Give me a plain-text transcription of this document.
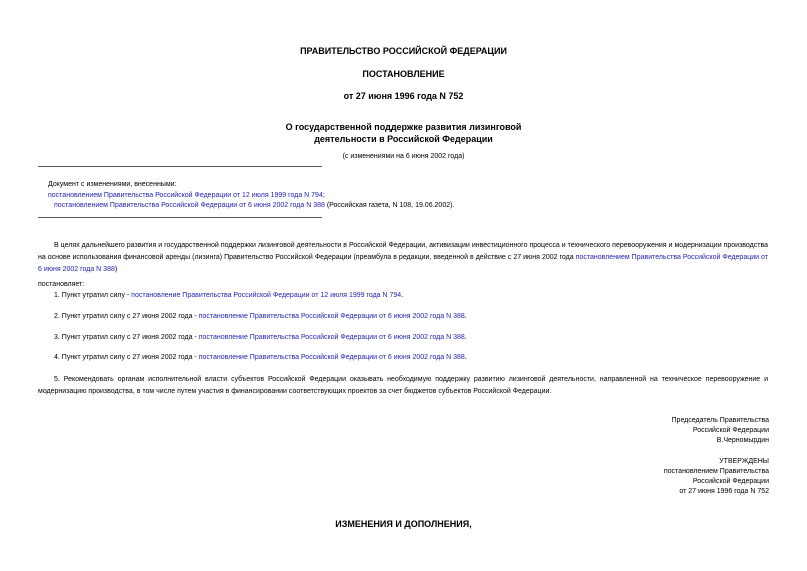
ПРАВИТЕЛЬСТВО РОССИЙСКОЙ ФЕДЕРАЦИИ
ПОСТАНОВЛЕНИЕ
от 27 июня 1996 года N 752
О государственной поддержке развития лизинговой
деятельности в Российской Федерации
(с изменениями на 6 июня 2002 года)
Документ с изменениями, внесенными:
постановлением Правительства Российской Федерации от 12 июля 1999 года N 794;
постановлением Правительства Российской Федерации от 6 июня 2002 года N 388 (Российская газета, N 108, 19.06.2002).
В целях дальнейшего развития и государственной поддержки лизинговой деятельности в Российской Федерации, активизации инвестиционного процесса и технического перевооружения и модернизации производства на основе использования финансовой аренды (лизинга) Правительство Российской Федерации (преамбула в редакции, введенной в действие с 27 июня 2002 года постановлением Правительства Российской Федерации от 6 июня 2002 года N 388)
постановляет:
1. Пункт утратил силу - постановление Правительства Российской Федерации от 12 июля 1999 года N 794.
2. Пункт утратил силу с 27 июня 2002 года - постановление Правительства Российской Федерации от 6 июня 2002 года N 388.
3. Пункт утратил силу с 27 июня 2002 года - постановление Правительства Российской Федерации от 6 июня 2002 года N 388.
4. Пункт утратил силу с 27 июня 2002 года - постановление Правительства Российской Федерации от 6 июня 2002 года N 388.
5. Рекомендовать органам исполнительной власти субъектов Российской Федерации оказывать необходимую поддержку развитию лизинговой деятельности, направленной на техническое перевооружение и модернизацию производства, в том числе путем участия в финансировании соответствующих проектов за счет бюджетов субъектов Российской Федерации.
Председатель Правительства
Российской Федерации
В.Черномырдин
УТВЕРЖДЕНЫ
постановлением Правительства
Российской Федерации
от 27 июня 1996 года N 752
ИЗМЕНЕНИЯ И ДОПОЛНЕНИЯ,
